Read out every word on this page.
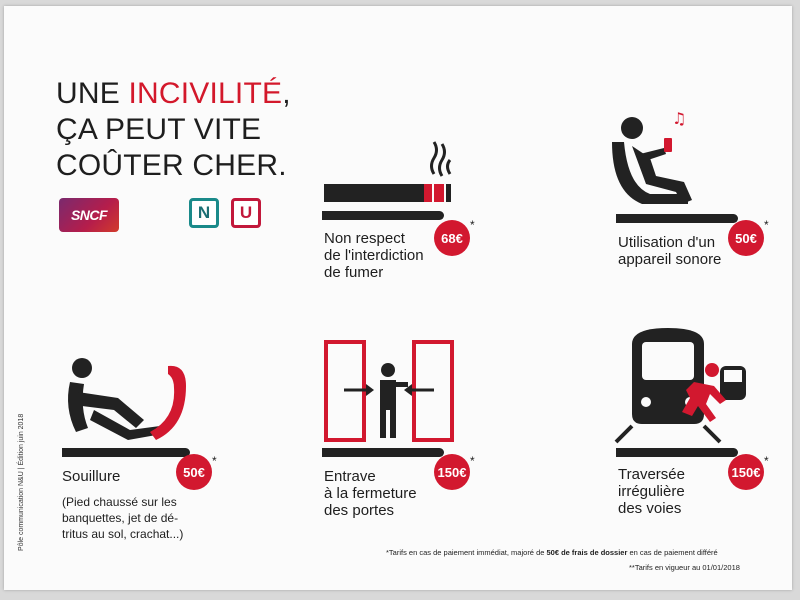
UNE INCIVILITÉ,
ÇA PEUT VITE
COÛTER CHER.
SNCF	N	U
68€
*
Non respect
de l'interdiction
de fumer
♫
50€
*
Utilisation d'un
appareil sonore
50€
*
Souillure
(Pied chaussé sur les
banquettes, jet de dé-
tritus au sol, crachat...)
150€
*
Entrave
à la fermeture
des portes
150€
*
Traversée
irrégulière
des voies
*Tarifs en cas de paiement immédiat, majoré de 50€ de frais de dossier en cas de paiement différé
**Tarifs en vigueur au 01/01/2018
Pôle communication N&U | Édition juin 2018
